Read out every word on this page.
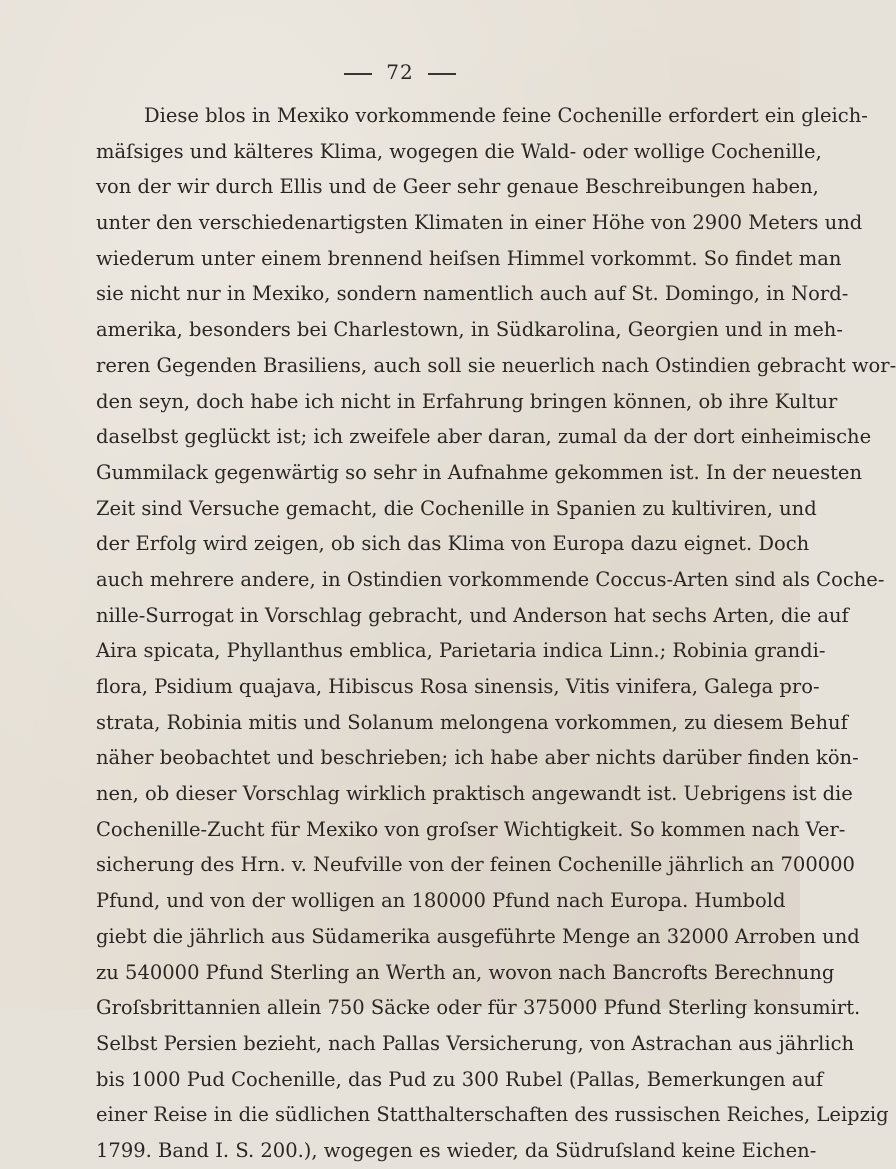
72
Diese blos in Mexiko vorkommende feine Cochenille erfordert ein gleich-
mäſsiges und kälteres Klima, wogegen die Wald- oder wollige Cochenille,
von der wir durch Ellis und de Geer sehr genaue Beschreibungen haben,
unter den verschiedenartigsten Klimaten in einer Höhe von 2900 Meters und
wiederum unter einem brennend heiſsen Himmel vorkommt. So findet man
sie nicht nur in Mexiko, sondern namentlich auch auf St. Domingo, in Nord-
amerika, besonders bei Charlestown, in Südkarolina, Georgien und in meh-
reren Gegenden Brasiliens, auch soll sie neuerlich nach Ostindien gebracht wor-
den seyn, doch habe ich nicht in Erfahrung bringen können, ob ihre Kultur
daselbst geglückt ist; ich zweifele aber daran, zumal da der dort einheimische
Gummilack gegenwärtig so sehr in Aufnahme gekommen ist. In der neuesten
Zeit sind Versuche gemacht, die Cochenille in Spanien zu kultiviren, und
der Erfolg wird zeigen, ob sich das Klima von Europa dazu eignet. Doch
auch mehrere andere, in Ostindien vorkommende Coccus-Arten sind als Coche-
nille-Surrogat in Vorschlag gebracht, und Anderson hat sechs Arten, die auf
Aira spicata, Phyllanthus emblica, Parietaria indica Linn.; Robinia grandi-
flora, Psidium quajava, Hibiscus Rosa sinensis, Vitis vinifera, Galega pro-
strata, Robinia mitis und Solanum melongena vorkommen, zu diesem Behuf
näher beobachtet und beschrieben; ich habe aber nichts darüber finden kön-
nen, ob dieser Vorschlag wirklich praktisch angewandt ist. Uebrigens ist die
Cochenille-Zucht für Mexiko von groſser Wichtigkeit. So kommen nach Ver-
sicherung des Hrn. v. Neufville von der feinen Cochenille jährlich an 700000
Pfund, und von der wolligen an 180000 Pfund nach Europa. Humbold
giebt die jährlich aus Südamerika ausgeführte Menge an 32000 Arroben und
zu 540000 Pfund Sterling an Werth an, wovon nach Bancrofts Berechnung
Groſsbrittannien allein 750 Säcke oder für 375000 Pfund Sterling konsumirt.
Selbst Persien bezieht, nach Pallas Versicherung, von Astrachan aus jährlich
bis 1000 Pud Cochenille, das Pud zu 300 Rubel (Pallas, Bemerkungen auf
einer Reise in die südlichen Statthalterschaften des russischen Reiches, Leipzig
1799. Band I. S. 200.), wogegen es wieder, da Südruſsland keine Eichen-
